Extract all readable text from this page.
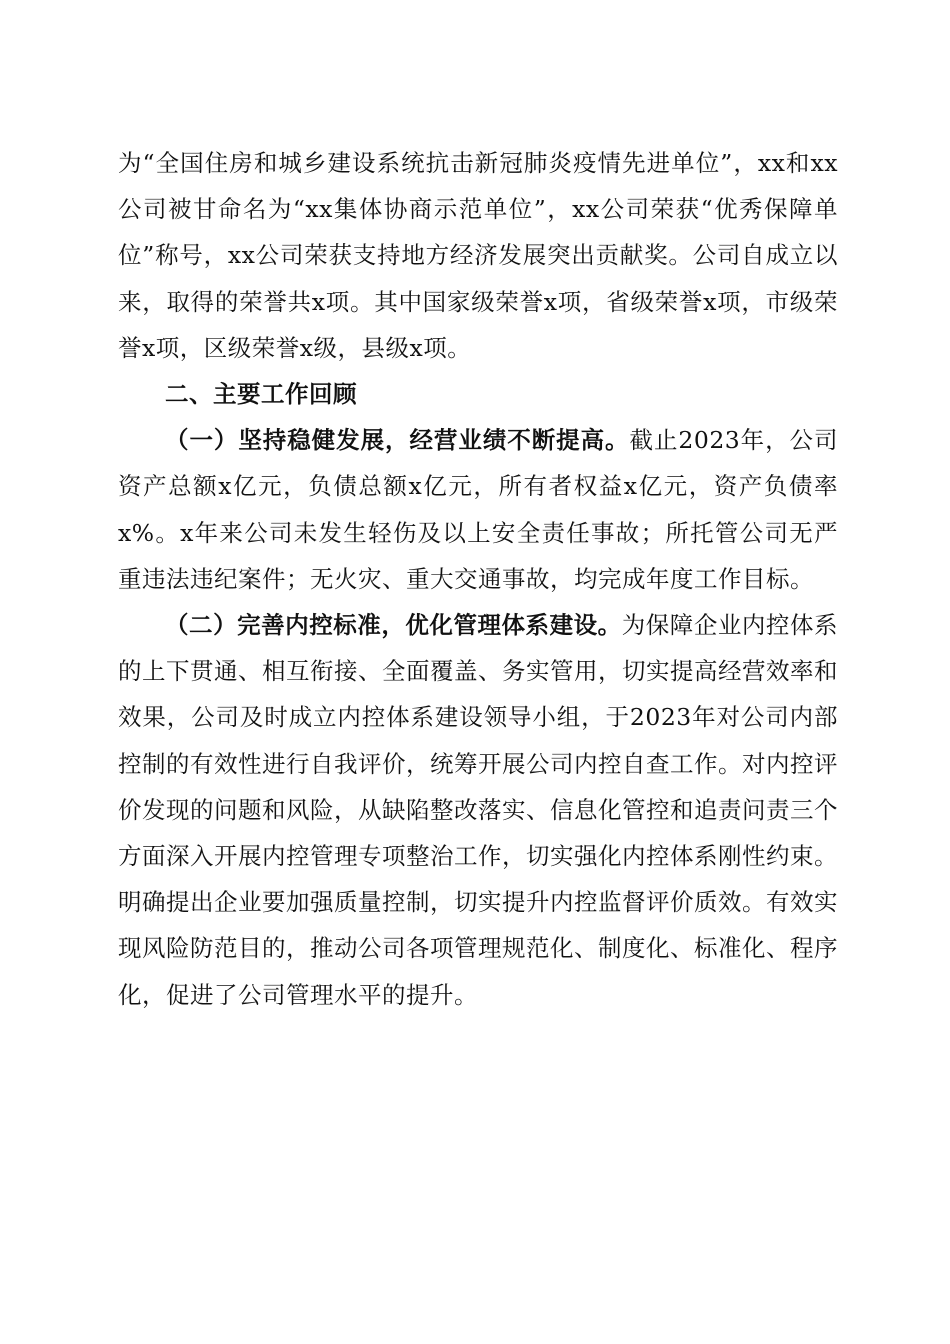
为“全国住房和城乡建设系统抗击新冠肺炎疫情先进单位”，xx和xx公司被甘命名为“xx集体协商示范单位”，xx公司荣获“优秀保障单位”称号，xx公司荣获支持地方经济发展突出贡献奖。公司自成立以来，取得的荣誉共x项。其中国家级荣誉x项，省级荣誉x项，市级荣誉x项，区级荣誉x级，县级x项。

二、主要工作回顾

（一）坚持稳健发展，经营业绩不断提高。截止2023年，公司资产总额x亿元，负债总额x亿元，所有者权益x亿元，资产负债率x%。x年来公司未发生轻伤及以上安全责任事故；所托管公司无严重违法违纪案件；无火灾、重大交通事故，均完成年度工作目标。

（二）完善内控标准，优化管理体系建设。为保障企业内控体系的上下贯通、相互衔接、全面覆盖、务实管用，切实提高经营效率和效果，公司及时成立内控体系建设领导小组，于2023年对公司内部控制的有效性进行自我评价，统筹开展公司内控自查工作。对内控评价发现的问题和风险，从缺陷整改落实、信息化管控和追责问责三个方面深入开展内控管理专项整治工作，切实强化内控体系刚性约束。明确提出企业要加强质量控制，切实提升内控监督评价质效。有效实现风险防范目的，推动公司各项管理规范化、制度化、标准化、程序化，促进了公司管理水平的提升。
